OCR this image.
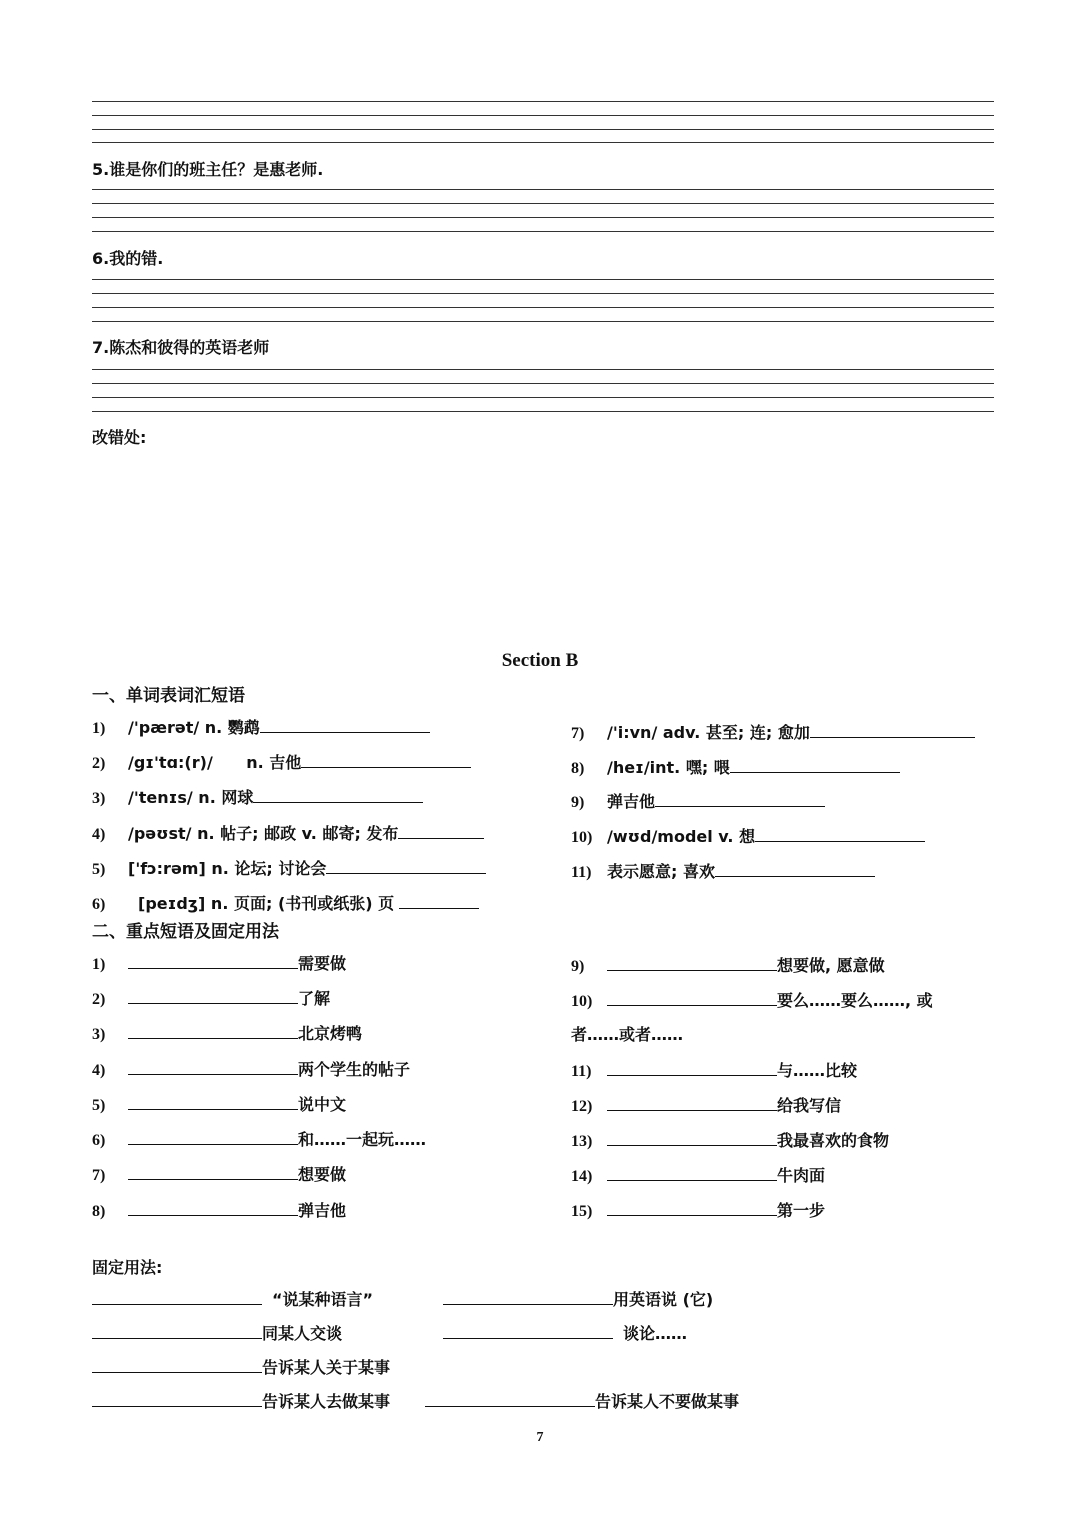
5.谁是你们的班主任？是惠老师.
6.我的错.
7.陈杰和彼得的英语老师
改错处:
Section B
一、单词表词汇短语
1) /'pærət/ n. 鹦鹉
2) /gɪ'tɑ:(r)/      n. 吉他
3) /'tenɪs/ n. 网球
4) /pəʊst/ n. 帖子; 邮政 v. 邮寄; 发布
5) ['fɔ:rəm] n. 论坛; 讨论会
6) [peɪdʒ] n. 页面; (书刊或纸张) 页
7) /'i:vn/ adv. 甚至; 连; 愈加
8) /heɪ/int. 嘿; 喂
9) 弹吉他
10) /wʊd/model v. 想
11) 表示愿意; 喜欢
二、重点短语及固定用法
1)	需要做
2)	了解
3)	北京烤鸭
4)	两个学生的帖子
5)	说中文
6)	和……一起玩……
7)	想要做
8)	弹吉他
9)	想要做, 愿意做
10)	要么……要么……, 或
者……或者……
11)	与……比较
12)	给我写信
13)	我最喜欢的食物
14)	牛肉面
15)	第一步
固定用法:
“说某种语言”	用英语说 (它)
同某人交谈	谈论……
告诉某人关于某事
告诉某人去做某事	告诉某人不要做某事
7
